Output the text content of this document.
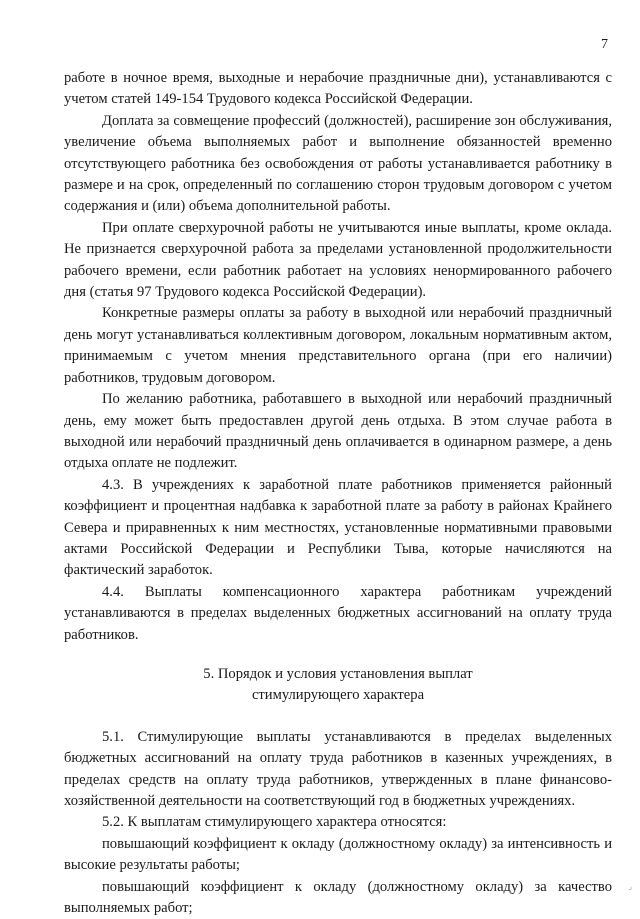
7

работе в ночное время, выходные и нерабочие праздничные дни), устанавливаются с учетом статей 149-154 Трудового кодекса Российской Федерации.

Доплата за совмещение профессий (должностей), расширение зон обслуживания, увеличение объема выполняемых работ и выполнение обязанностей временно отсутствующего работника без освобождения от работы устанавливается работнику в размере и на срок, определенный по соглашению сторон трудовым договором с учетом содержания и (или) объема дополнительной работы.

При оплате сверхурочной работы не учитываются иные выплаты, кроме оклада. Не признается сверхурочной работа за пределами установленной продолжительности рабочего времени, если работник работает на условиях ненормированного рабочего дня (статья 97 Трудового кодекса Российской Федерации).

Конкретные размеры оплаты за работу в выходной или нерабочий праздничный день могут устанавливаться коллективным договором, локальным нормативным актом, принимаемым с учетом мнения представительного органа (при его наличии) работников, трудовым договором.

По желанию работника, работавшего в выходной или нерабочий праздничный день, ему может быть предоставлен другой день отдыха. В этом случае работа в выходной или нерабочий праздничный день оплачивается в одинарном размере, а день отдыха оплате не подлежит.

4.3. В учреждениях к заработной плате работников применяется районный коэффициент и процентная надбавка к заработной плате за работу в районах Крайнего Севера и приравненных к ним местностях, установленные нормативными правовыми актами Российской Федерации и Республики Тыва, которые начисляются на фактический заработок.

4.4. Выплаты компенсационного характера работникам учреждений устанавливаются в пределах выделенных бюджетных ассигнований на оплату труда работников.

5. Порядок и условия установления выплат
стимулирующего характера

5.1. Стимулирующие выплаты устанавливаются в пределах выделенных бюджетных ассигнований на оплату труда работников в казенных учреждениях, в пределах средств на оплату труда работников, утвержденных в плане финансово-хозяйственной деятельности на соответствующий год в бюджетных учреждениях.

5.2. К выплатам стимулирующего характера относятся:

повышающий коэффициент к окладу (должностному окладу) за интенсивность и высокие результаты работы;

повышающий коэффициент к окладу (должностному окладу) за качество выполняемых работ;

⌟
